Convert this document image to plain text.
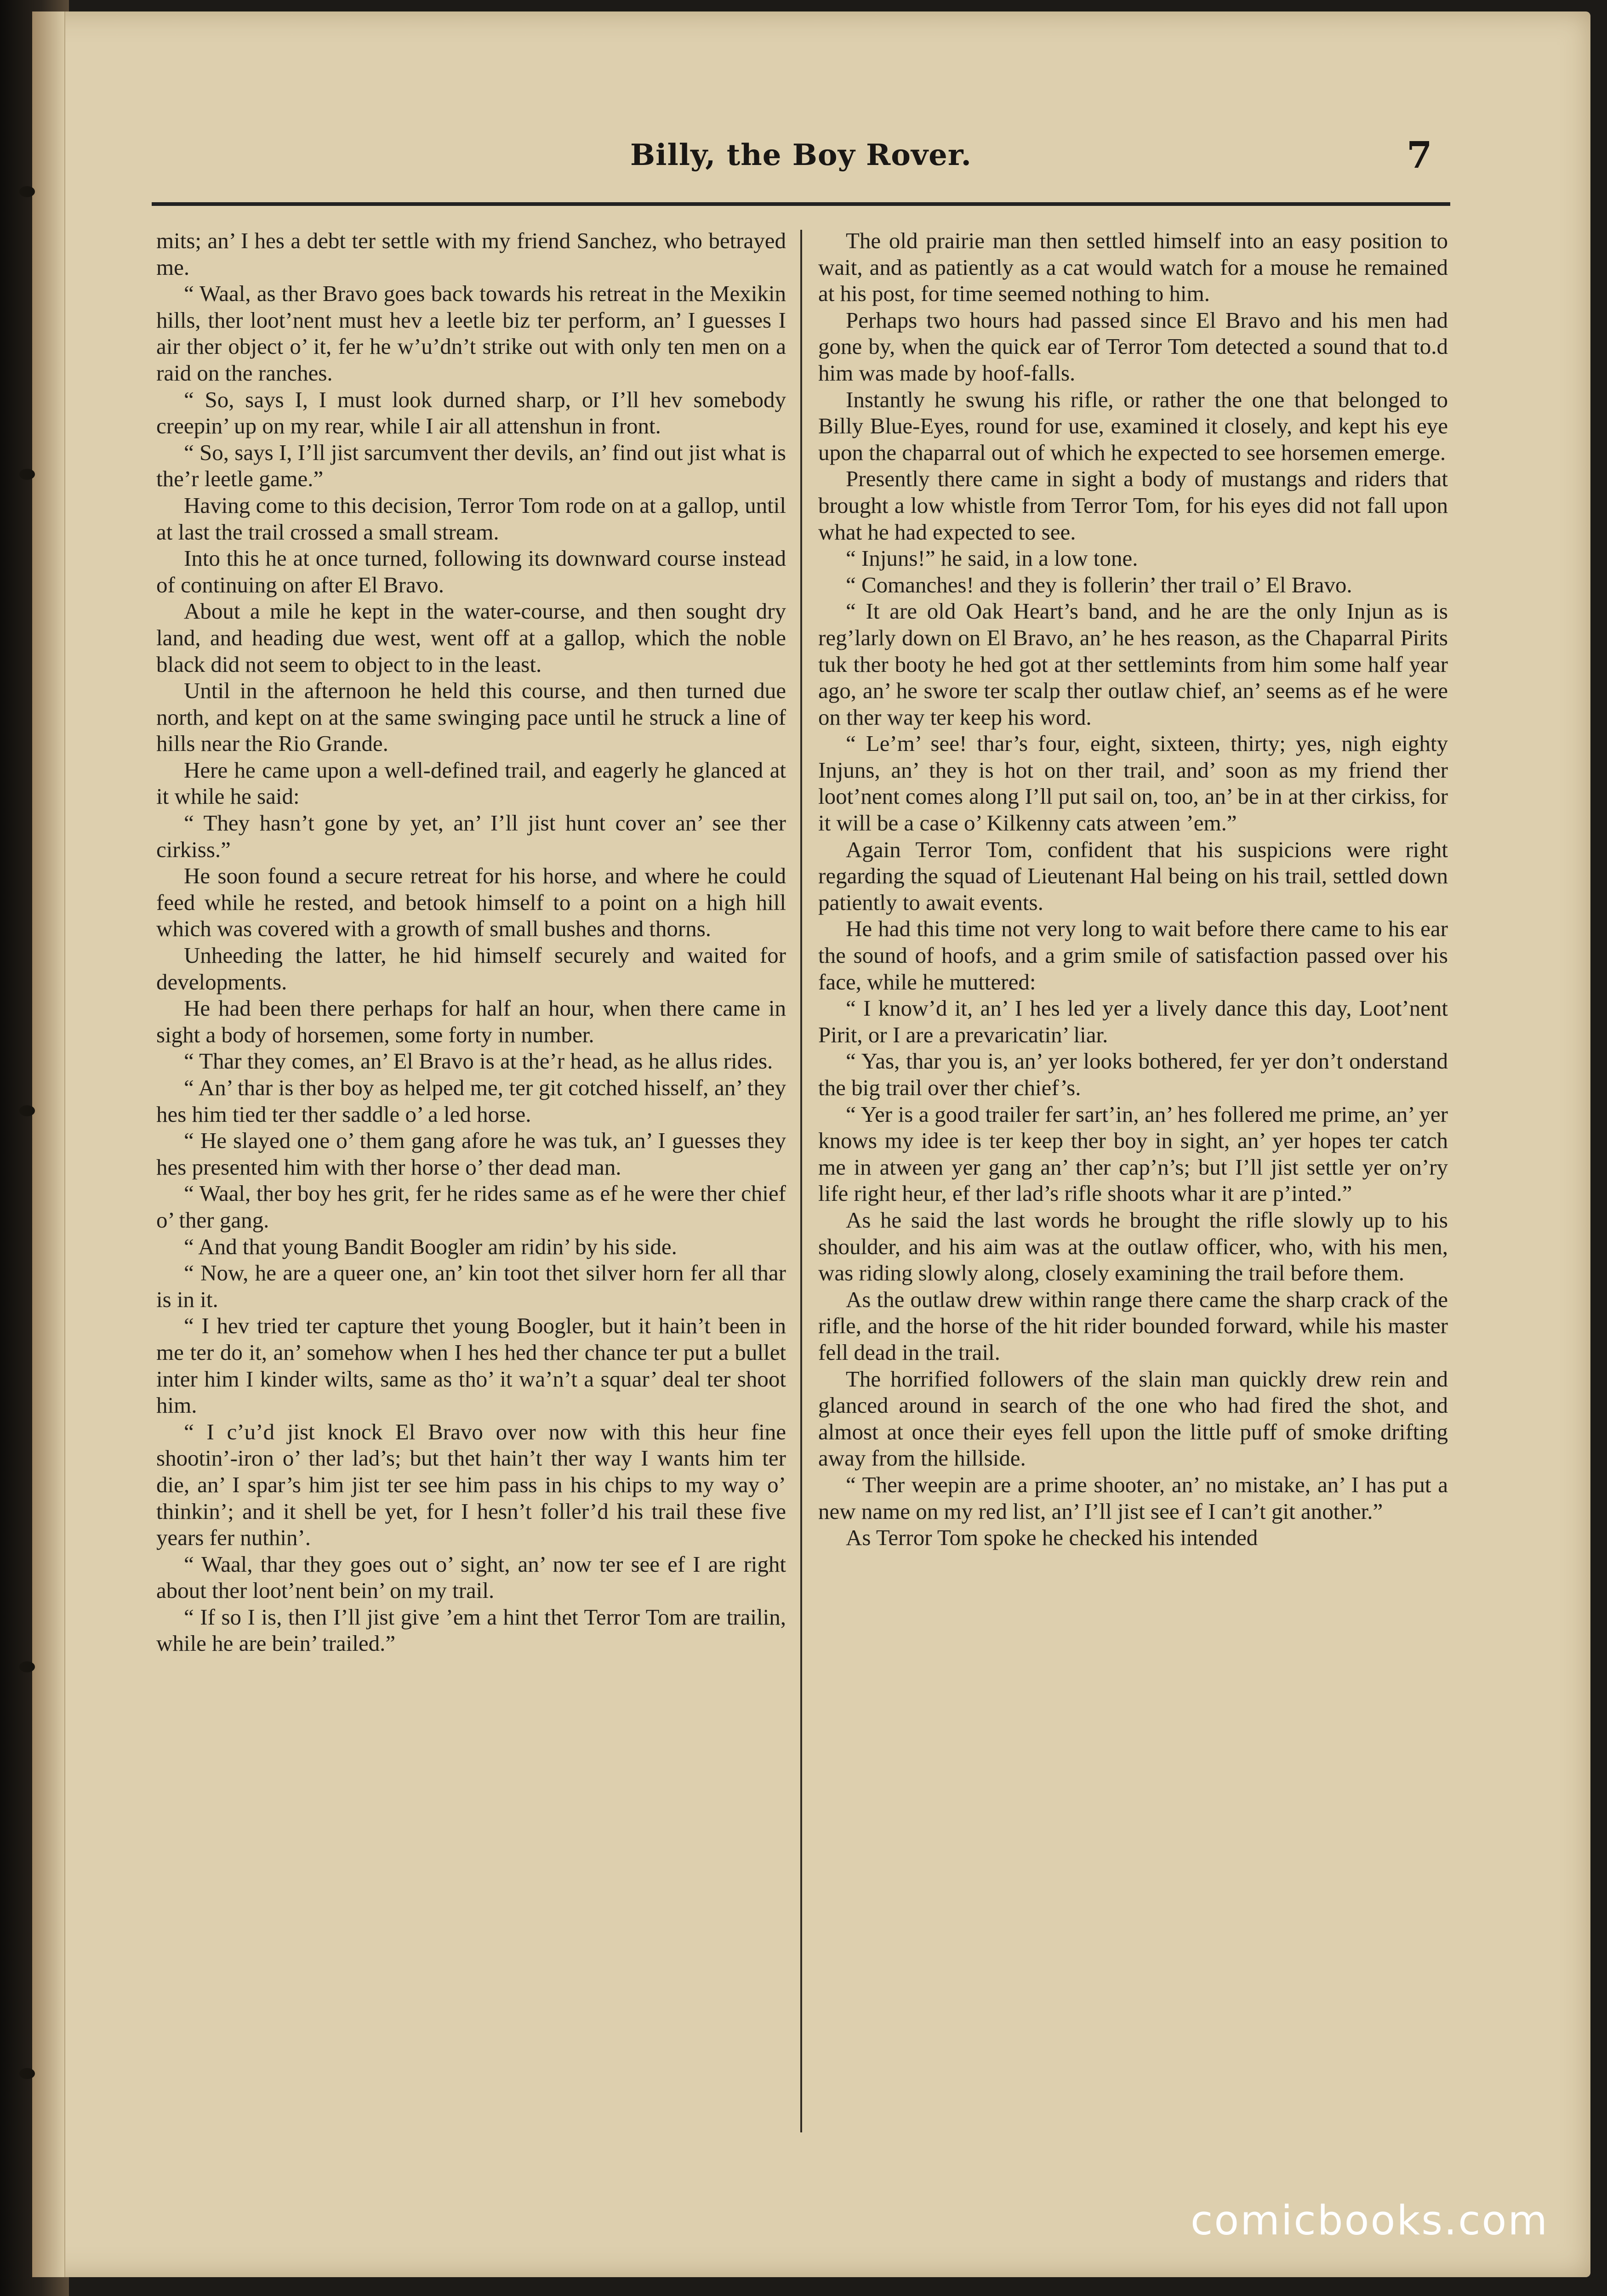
Billy, the Boy Rover.	7

mits; an’ I hes a debt ter settle with my friend Sanchez, who betrayed me.

“ Waal, as ther Bravo goes back towards his retreat in the Mexikin hills, ther loot’nent must hev a leetle biz ter perform, an’ I guesses I air ther object o’ it, fer he w’u’dn’t strike out with only ten men on a raid on the ranches.

“ So, says I, I must look durned sharp, or I’ll hev somebody creepin’ up on my rear, while I air all attenshun in front.

“ So, says I, I’ll jist sarcumvent ther devils, an’ find out jist what is the’r leetle game.”

Having come to this decision, Terror Tom rode on at a gallop, until at last the trail crossed a small stream.

Into this he at once turned, following its downward course instead of continuing on after El Bravo.

About a mile he kept in the water-course, and then sought dry land, and heading due west, went off at a gallop, which the noble black did not seem to object to in the least.

Until in the afternoon he held this course, and then turned due north, and kept on at the same swinging pace until he struck a line of hills near the Rio Grande.

Here he came upon a well-defined trail, and eagerly he glanced at it while he said:

“ They hasn’t gone by yet, an’ I’ll jist hunt cover an’ see ther cirkiss.”

He soon found a secure retreat for his horse, and where he could feed while he rested, and betook himself to a point on a high hill which was covered with a growth of small bushes and thorns.

Unheeding the latter, he hid himself securely and waited for developments.

He had been there perhaps for half an hour, when there came in sight a body of horsemen, some forty in number.

“ Thar they comes, an’ El Bravo is at the’r head, as he allus rides.

“ An’ thar is ther boy as helped me, ter git cotched hisself, an’ they hes him tied ter ther saddle o’ a led horse.

“ He slayed one o’ them gang afore he was tuk, an’ I guesses they hes presented him with ther horse o’ ther dead man.

“ Waal, ther boy hes grit, fer he rides same as ef he were ther chief o’ ther gang.

“ And that young Bandit Boogler am ridin’ by his side.

“ Now, he are a queer one, an’ kin toot thet silver horn fer all thar is in it.

“ I hev tried ter capture thet young Boogler, but it hain’t been in me ter do it, an’ somehow when I hes hed ther chance ter put a bullet inter him I kinder wilts, same as tho’ it wa’n’t a squar’ deal ter shoot him.

“ I c’u’d jist knock El Bravo over now with this heur fine shootin’-iron o’ ther lad’s; but thet hain’t ther way I wants him ter die, an’ I spar’s him jist ter see him pass in his chips to my way o’ thinkin’; and it shell be yet, for I hesn’t foller’d his trail these five years fer nuthin’.

“ Waal, thar they goes out o’ sight, an’ now ter see ef I are right about ther loot’nent bein’ on my trail.

“ If so I is, then I’ll jist give ’em a hint thet Terror Tom are trailin, while he are bein’ trailed.”

The old prairie man then settled himself into an easy position to wait, and as patiently as a cat would watch for a mouse he remained at his post, for time seemed nothing to him.

Perhaps two hours had passed since El Bravo and his men had gone by, when the quick ear of Terror Tom detected a sound that to.d him was made by hoof-falls.

Instantly he swung his rifle, or rather the one that belonged to Billy Blue-Eyes, round for use, examined it closely, and kept his eye upon the chaparral out of which he expected to see horsemen emerge.

Presently there came in sight a body of mustangs and riders that brought a low whistle from Terror Tom, for his eyes did not fall upon what he had expected to see.

“ Injuns!” he said, in a low tone.

“ Comanches! and they is follerin’ ther trail o’ El Bravo.

“ It are old Oak Heart’s band, and he are the only Injun as is reg’larly down on El Bravo, an’ he hes reason, as the Chaparral Pirits tuk ther booty he hed got at ther settlemints from him some half year ago, an’ he swore ter scalp ther outlaw chief, an’ seems as ef he were on ther way ter keep his word.

“ Le’m’ see! thar’s four, eight, sixteen, thirty; yes, nigh eighty Injuns, an’ they is hot on ther trail, and’ soon as my friend ther loot’nent comes along I’ll put sail on, too, an’ be in at ther cirkiss, for it will be a case o’ Kilkenny cats atween ’em.”

Again Terror Tom, confident that his suspicions were right regarding the squad of Lieutenant Hal being on his trail, settled down patiently to await events.

He had this time not very long to wait before there came to his ear the sound of hoofs, and a grim smile of satisfaction passed over his face, while he muttered:

“ I know’d it, an’ I hes led yer a lively dance this day, Loot’nent Pirit, or I are a prevaricatin’ liar.

“ Yas, thar you is, an’ yer looks bothered, fer yer don’t onderstand the big trail over ther chief’s.

“ Yer is a good trailer fer sart’in, an’ hes follered me prime, an’ yer knows my idee is ter keep ther boy in sight, an’ yer hopes ter catch me in atween yer gang an’ ther cap’n’s; but I’ll jist settle yer on’ry life right heur, ef ther lad’s rifle shoots whar it are p’inted.”

As he said the last words he brought the rifle slowly up to his shoulder, and his aim was at the outlaw officer, who, with his men, was riding slowly along, closely examining the trail before them.

As the outlaw drew within range there came the sharp crack of the rifle, and the horse of the hit rider bounded forward, while his master fell dead in the trail.

The horrified followers of the slain man quickly drew rein and glanced around in search of the one who had fired the shot, and almost at once their eyes fell upon the little puff of smoke drifting away from the hillside.

“ Ther weepin are a prime shooter, an’ no mistake, an’ I has put a new name on my red list, an’ I’ll jist see ef I can’t git another.”

As Terror Tom spoke he checked his intended

comicbooks.com
